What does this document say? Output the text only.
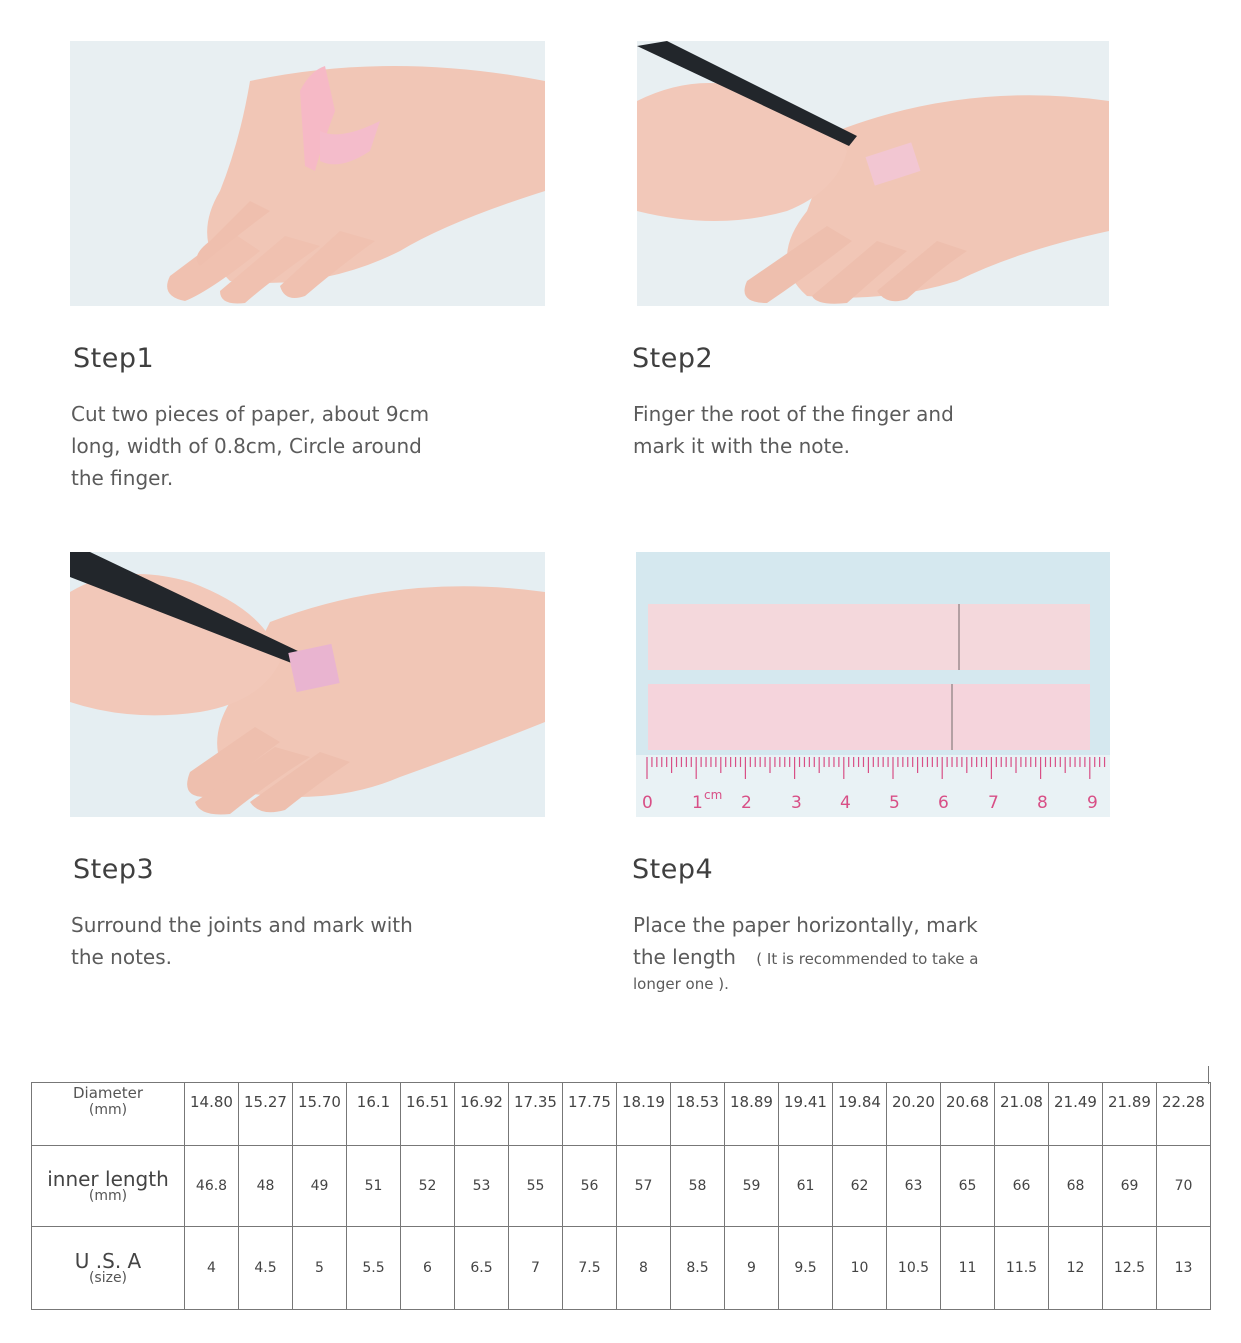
0 1 cm 2 3 4 5 6 7 8 9
Step1
Cut two pieces of paper, about 9cm
long, width of 0.8cm, Circle around
the finger.
Step2
Finger the root of the finger and
mark it with the note.
Step3
Surround the joints and mark with
the notes.
Step4
Place the paper horizontally, mark
the length ( It is recommended to take a
longer one ).
Diameter
(mm)	14.80	15.27	15.70	16.1	16.51	16.92	17.35	17.75	18.19	18.53	18.89	19.41	19.84	20.20	20.68	21.08	21.49	21.89	22.28
inner length
(mm)	46.8	48	49	51	52	53	55	56	57	58	59	61	62	63	65	66	68	69	70
U .S. A
(size)	4	4.5	5	5.5	6	6.5	7	7.5	8	8.5	9	9.5	10	10.5	11	11.5	12	12.5	13
